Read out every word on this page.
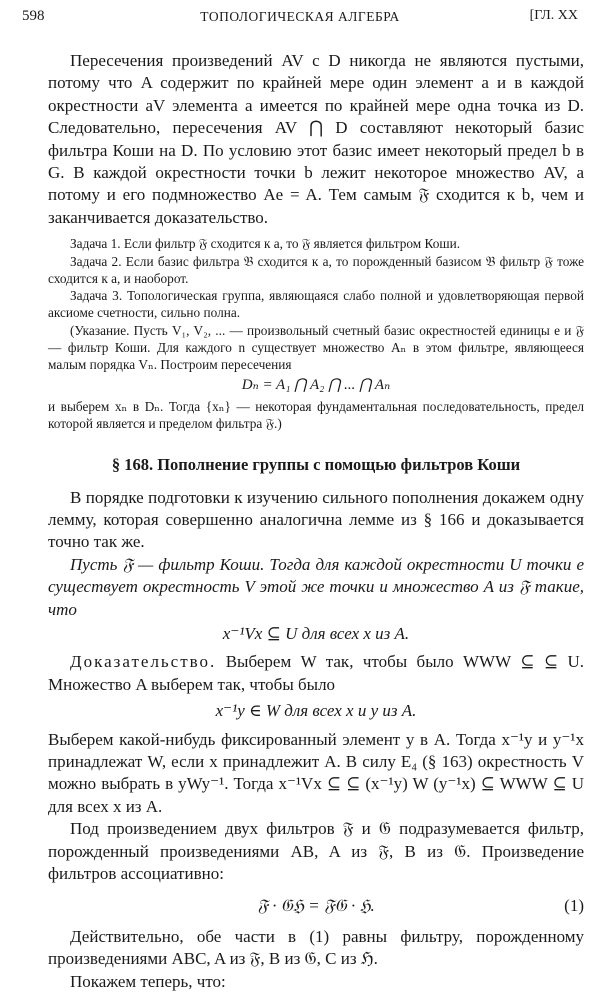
598	ТОПОЛОГИЧЕСКАЯ АЛГЕБРА	[ГЛ. XX

Пересечения произведений AV с D никогда не являются пустыми, потому что A содержит по крайней мере один элемент a и в каждой окрестности aV элемента a имеется по крайней мере одна точка из D. Следовательно, пересечения AV ⋂ D составляют некоторый базис фильтра Коши на D. По условию этот базис имеет некоторый предел b в G. В каждой окрестности точки b лежит некоторое множество AV, а потому и его подмножество Ae = A. Тем самым 𝔉 сходится к b, чем и заканчивается доказательство.

Задача 1. Если фильтр 𝔉 сходится к a, то 𝔉 является фильтром Коши.

Задача 2. Если базис фильтра 𝔅 сходится к a, то порожденный базисом 𝔅 фильтр 𝔉 тоже сходится к a, и наоборот.

Задача 3. Топологическая группа, являющаяся слабо полной и удовлетворяющая первой аксиоме счетности, сильно полна.

(Указание. Пусть V₁, V₂, ... — произвольный счетный базис окрестностей единицы e и 𝔉 — фильтр Коши. Для каждого n существует множество Aₙ в этом фильтре, являющееся малым порядка Vₙ. Построим пересечения

Dₙ = A₁ ⋂ A₂ ⋂ ... ⋂ Aₙ

и выберем xₙ в Dₙ. Тогда {xₙ} — некоторая фундаментальная последовательность, предел которой является и пределом фильтра 𝔉.)

§ 168. Пополнение группы с помощью фильтров Коши

В порядке подготовки к изучению сильного пополнения докажем одну лемму, которая совершенно аналогична лемме из § 166 и доказывается точно так же.

Пусть 𝔉 — фильтр Коши. Тогда для каждой окрестности U точки e существует окрестность V этой же точки и множество A из 𝔉 такие, что

x⁻¹Vx ⊆ U для всех x из A.

Доказательство. Выберем W так, чтобы было WWW ⊆ ⊆ U. Множество A выберем так, чтобы было

x⁻¹y ∈ W для всех x и y из A.

Выберем какой-нибудь фиксированный элемент y в A. Тогда x⁻¹y и y⁻¹x принадлежат W, если x принадлежит A. В силу E₄ (§ 163) окрестность V можно выбрать в yWy⁻¹. Тогда x⁻¹Vx ⊆ ⊆ (x⁻¹y) W (y⁻¹x) ⊆ WWW ⊆ U для всех x из A.

Под произведением двух фильтров 𝔉 и 𝔊 подразумевается фильтр, порожденный произведениями AB, A из 𝔉, B из 𝔊. Произведение фильтров ассоциативно:

𝔉 · 𝔊ℌ = 𝔉𝔊 · ℌ.	(1)

Действительно, обе части в (1) равны фильтру, порожденному произведениями ABC, A из 𝔉, B из 𝔊, C из ℌ.

Покажем теперь, что:
